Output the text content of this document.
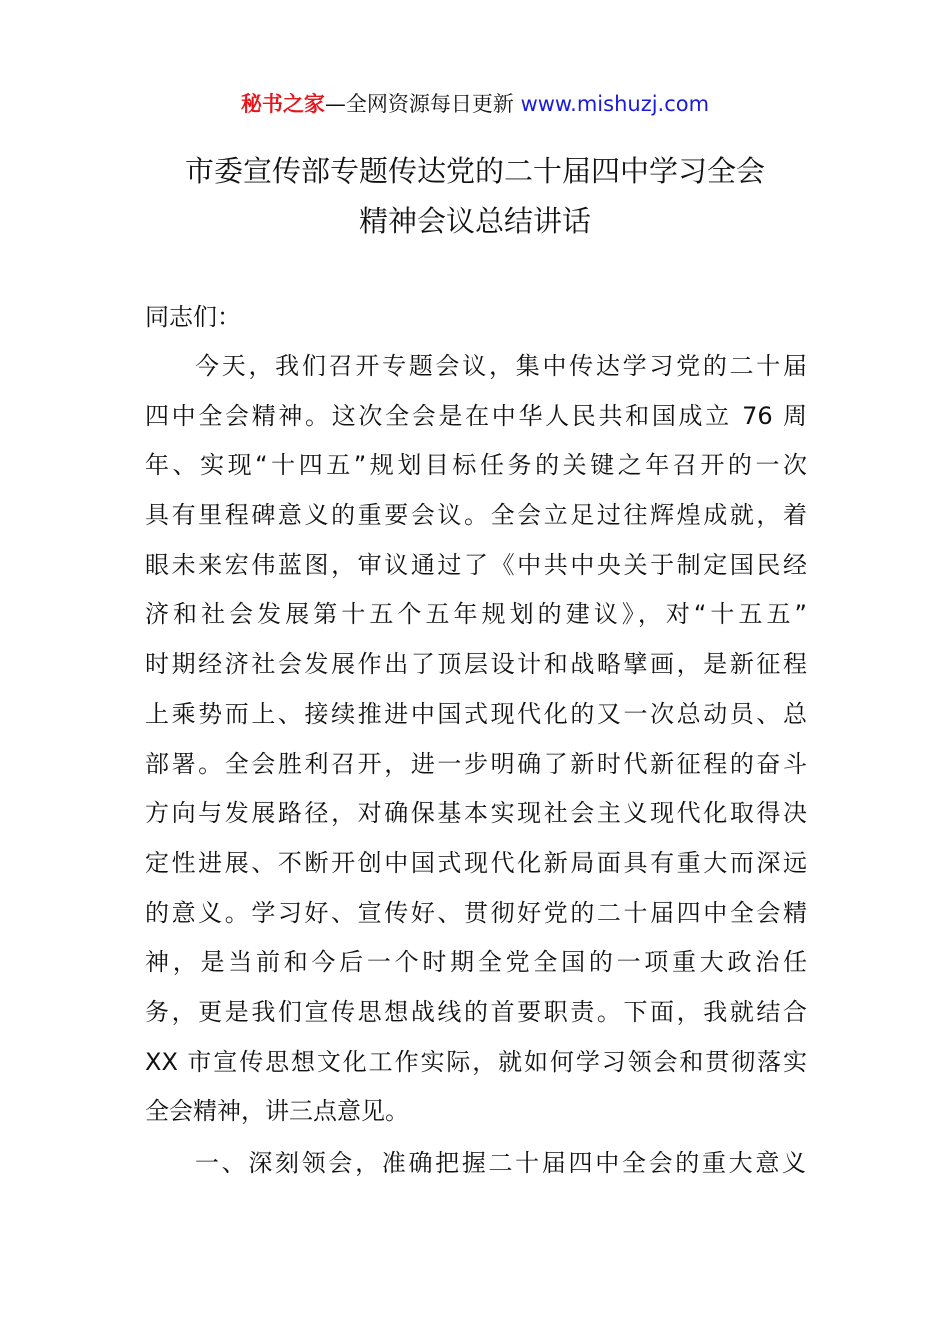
秘书之家—全网资源每日更新 www.mishuzj.com
市委宣传部专题传达党的二十届四中学习全会
精神会议总结讲话
同志们：
今天，我们召开专题会议，集中传达学习党的二十届
四中全会精神。这次全会是在中华人民共和国成立 76 周
年、实现“十四五”规划目标任务的关键之年召开的一次
具有里程碑意义的重要会议。全会立足过往辉煌成就，着
眼未来宏伟蓝图，审议通过了《中共中央关于制定国民经
济和社会发展第十五个五年规划的建议》，对“十五五”
时期经济社会发展作出了顶层设计和战略擘画，是新征程
上乘势而上、接续推进中国式现代化的又一次总动员、总
部署。全会胜利召开，进一步明确了新时代新征程的奋斗
方向与发展路径，对确保基本实现社会主义现代化取得决
定性进展、不断开创中国式现代化新局面具有重大而深远
的意义。学习好、宣传好、贯彻好党的二十届四中全会精
神，是当前和今后一个时期全党全国的一项重大政治任
务，更是我们宣传思想战线的首要职责。下面，我就结合
XX 市宣传思想文化工作实际，就如何学习领会和贯彻落实
全会精神，讲三点意见。
一、深刻领会，准确把握二十届四中全会的重大意义
